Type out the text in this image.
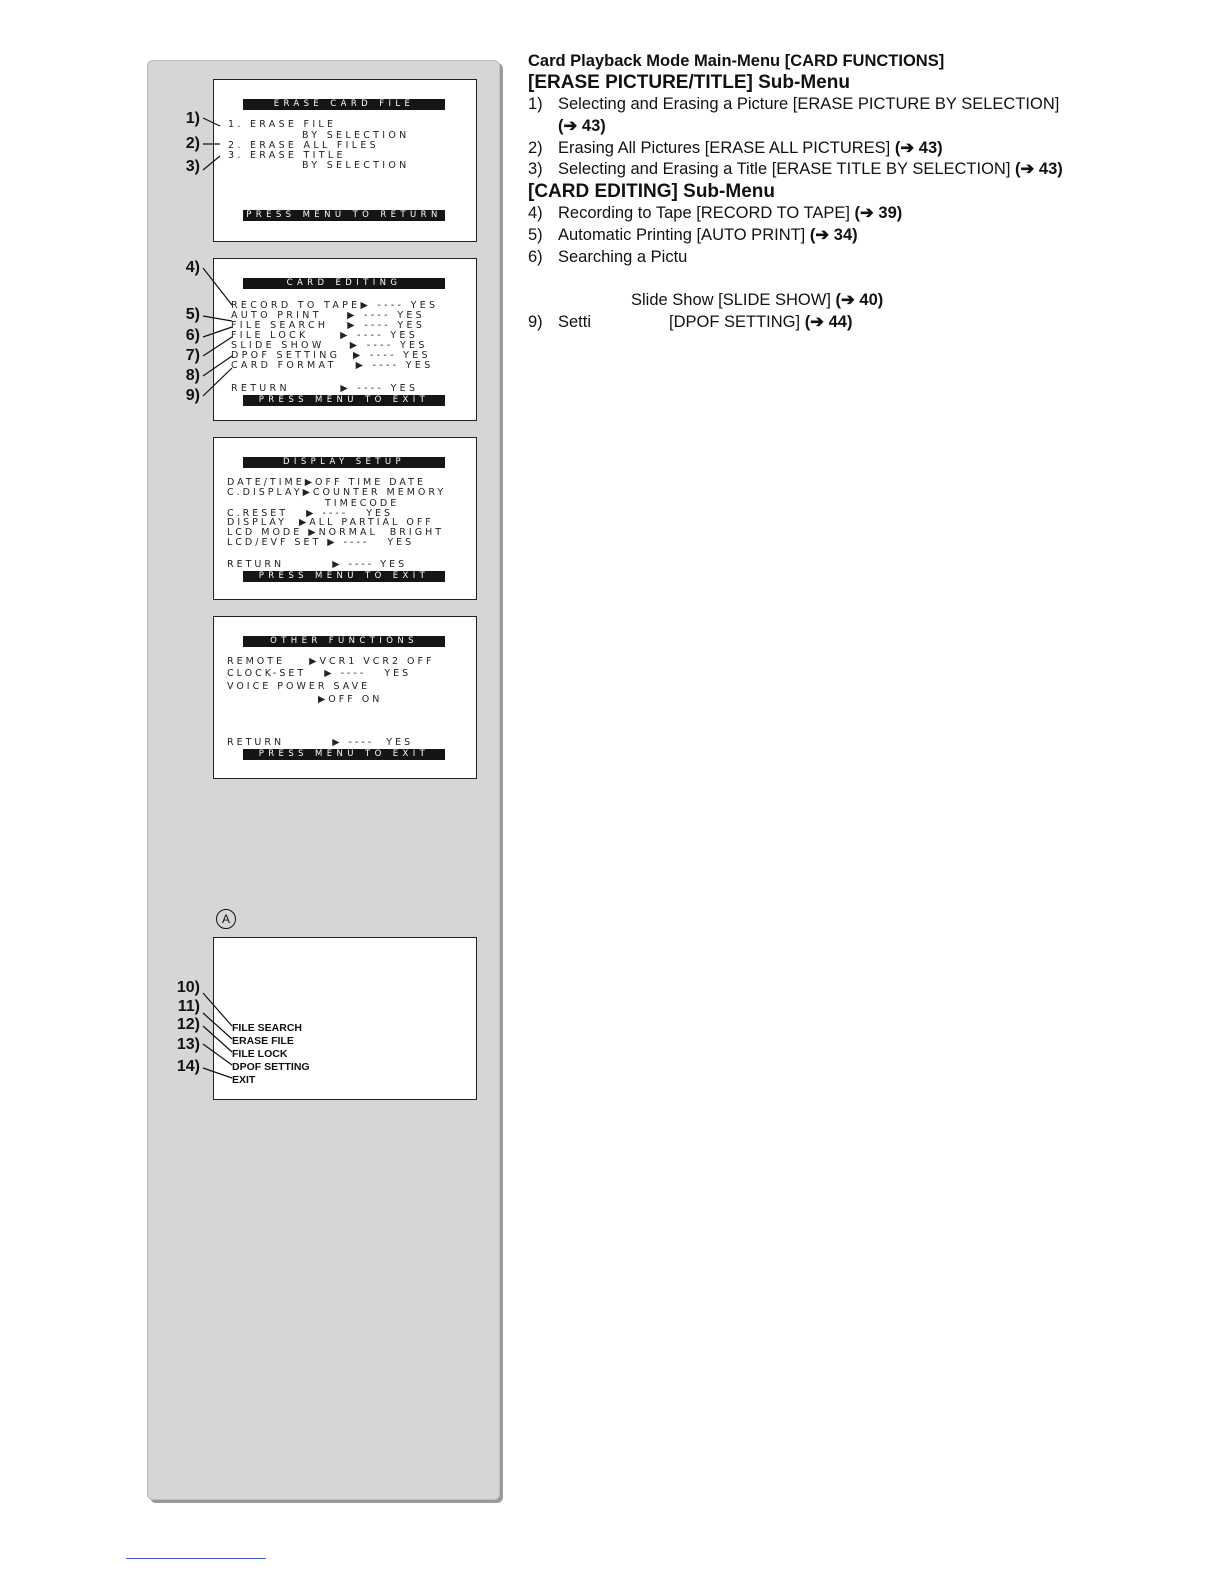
ERASE CARD FILE
1. ERASE FILE
BY SELECTION
2. ERASE ALL FILES
3. ERASE TITLE
BY SELECTION
PRESS MENU TO RETURN
CARD EDITING
RECORD TO TAPE▶ ---- YES
AUTO PRINT    ▶ ---- YES
FILE SEARCH   ▶ ---- YES
FILE LOCK     ▶ ---- YES
SLIDE SHOW    ▶ ---- YES
DPOF SETTING  ▶ ---- YES
CARD FORMAT   ▶ ---- YES
RETURN        ▶ ---- YES
PRESS MENU TO EXIT
DISPLAY SETUP
DATE/TIME▶OFF TIME DATE
C.DISPLAY▶COUNTER MEMORY
TIMECODE
C.RESET   ▶ ----   YES
DISPLAY  ▶ALL PARTIAL OFF
LCD MODE ▶NORMAL  BRIGHT
LCD/EVF SET ▶ ----   YES
RETURN        ▶ ---- YES
PRESS MENU TO EXIT
OTHER FUNCTIONS
REMOTE    ▶VCR1 VCR2 OFF
CLOCK-SET   ▶ ----   YES
VOICE POWER SAVE
▶OFF ON
RETURN        ▶ ----  YES
PRESS MENU TO EXIT
A
FILE SEARCH
ERASE FILE
FILE LOCK
DPOF SETTING
EXIT
1)
2)
3)
4)
5)
6)
7)
8)
9)
10)
11)
12)
13)
14)

Card Playback Mode Main-Menu [CARD FUNCTIONS]

[ERASE PICTURE/TITLE] Sub-Menu

1) Selecting and Erasing a Picture [ERASE PICTURE BY SELECTION]
(➔ 43)
2) Erasing All Pictures [ERASE ALL PICTURES] (➔ 43)
3) Selecting and Erasing a Title [ERASE TITLE BY SELECTION] (➔ 43)

[CARD EDITING] Sub-Menu

4) Recording to Tape [RECORD TO TAPE] (➔ 39)
5) Automatic Printing [AUTO PRINT] (➔ 34)
6) Searching a Pictu
Slide Show [SLIDE SHOW] (➔ 40)
9) Setti	[DPOF SETTING] (➔ 44)
